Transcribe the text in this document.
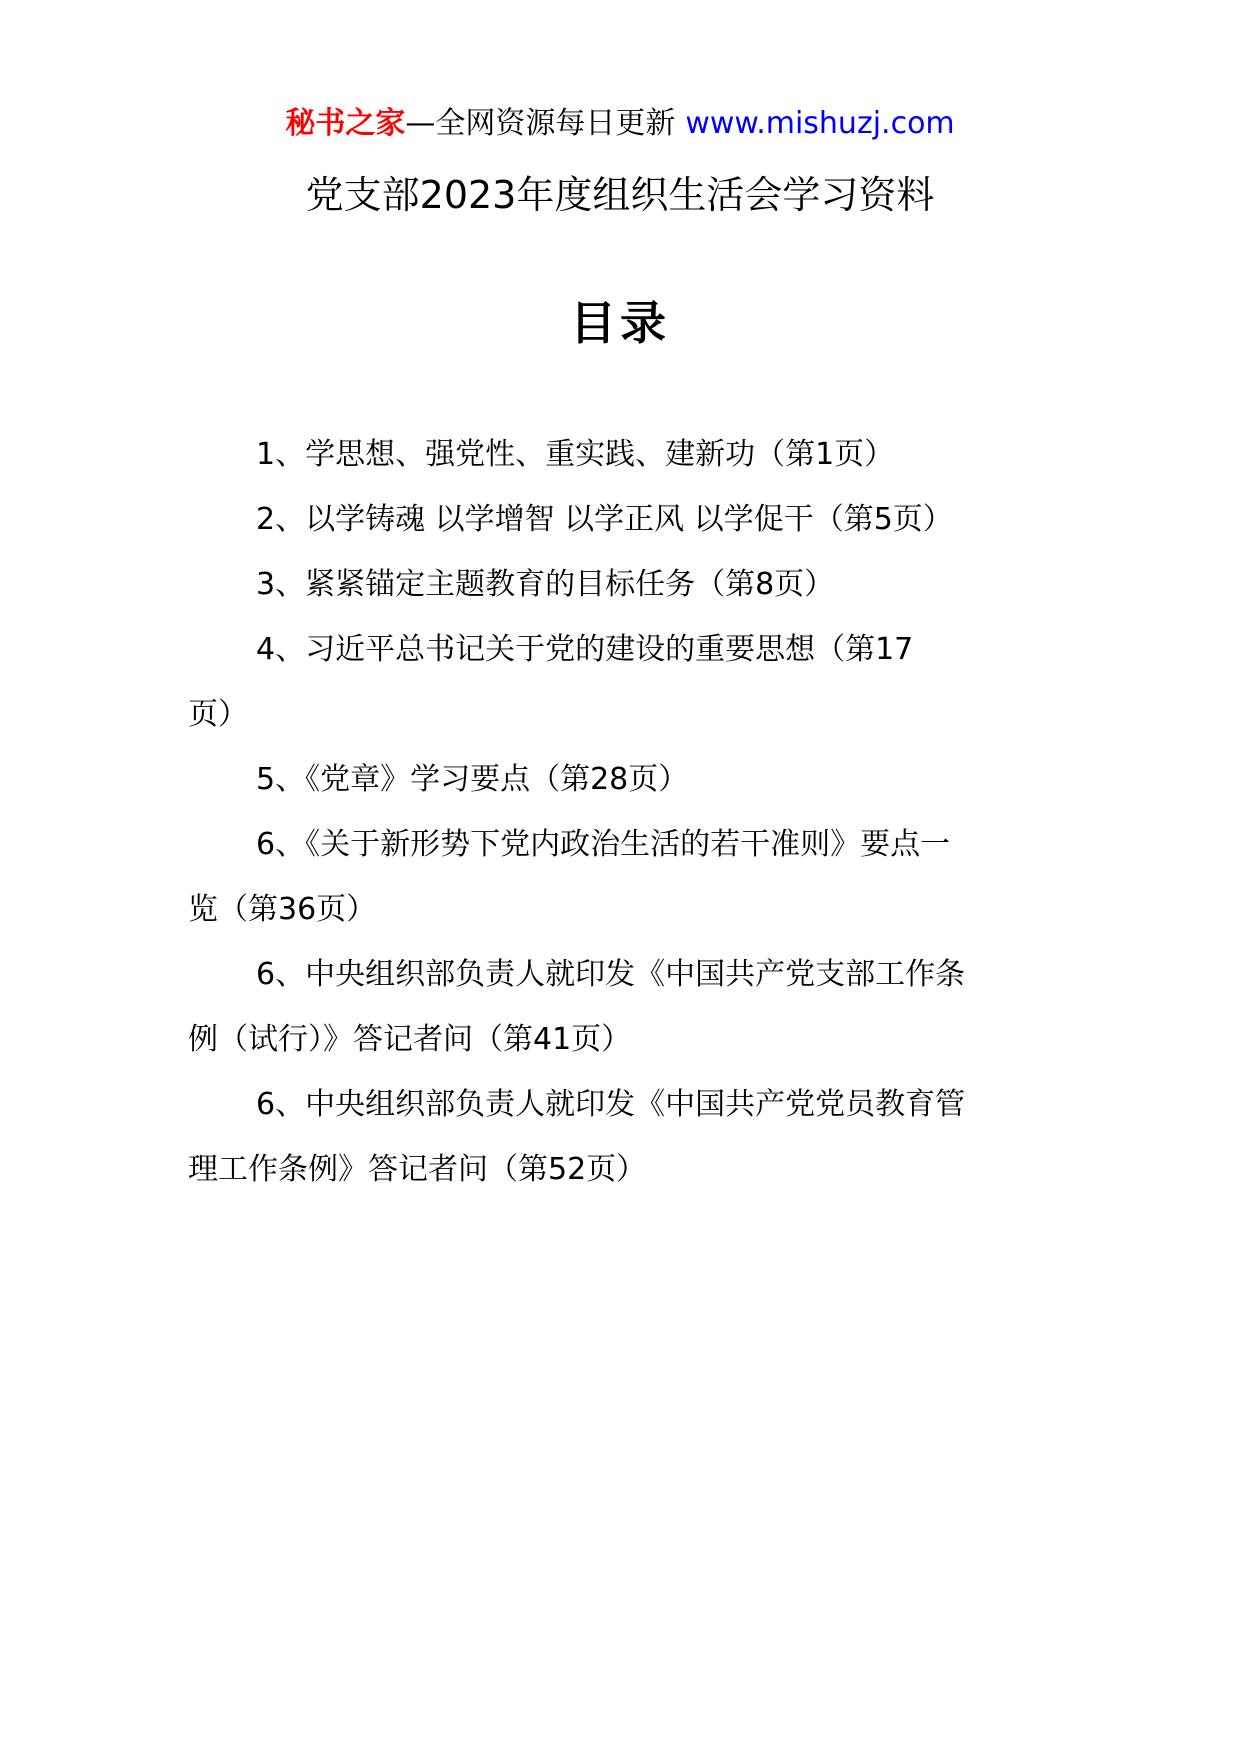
秘书之家—全网资源每日更新 www.mishuzj.com
党支部2023年度组织生活会学习资料
目录
1、学思想、强党性、重实践、建新功（第1页）
2、以学铸魂 以学增智 以学正风 以学促干（第5页）
3、紧紧锚定主题教育的目标任务（第8页）
4、习近平总书记关于党的建设的重要思想（第17
页）
5、《党章》学习要点（第28页）
6、《关于新形势下党内政治生活的若干准则》要点一
览（第36页）
6、中央组织部负责人就印发《中国共产党支部工作条
例（试行）》答记者问（第41页）
6、中央组织部负责人就印发《中国共产党党员教育管
理工作条例》答记者问（第52页）
